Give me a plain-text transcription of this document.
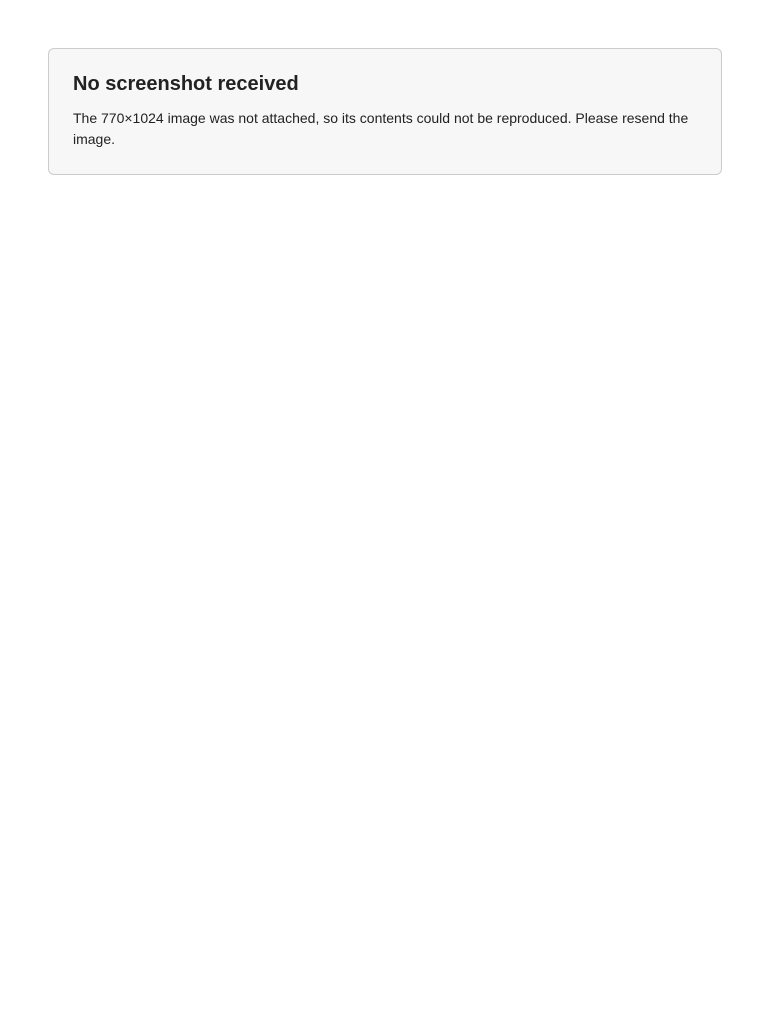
No screenshot received

The 770×1024 image was not attached, so its contents could not be reproduced. Please resend the image.
